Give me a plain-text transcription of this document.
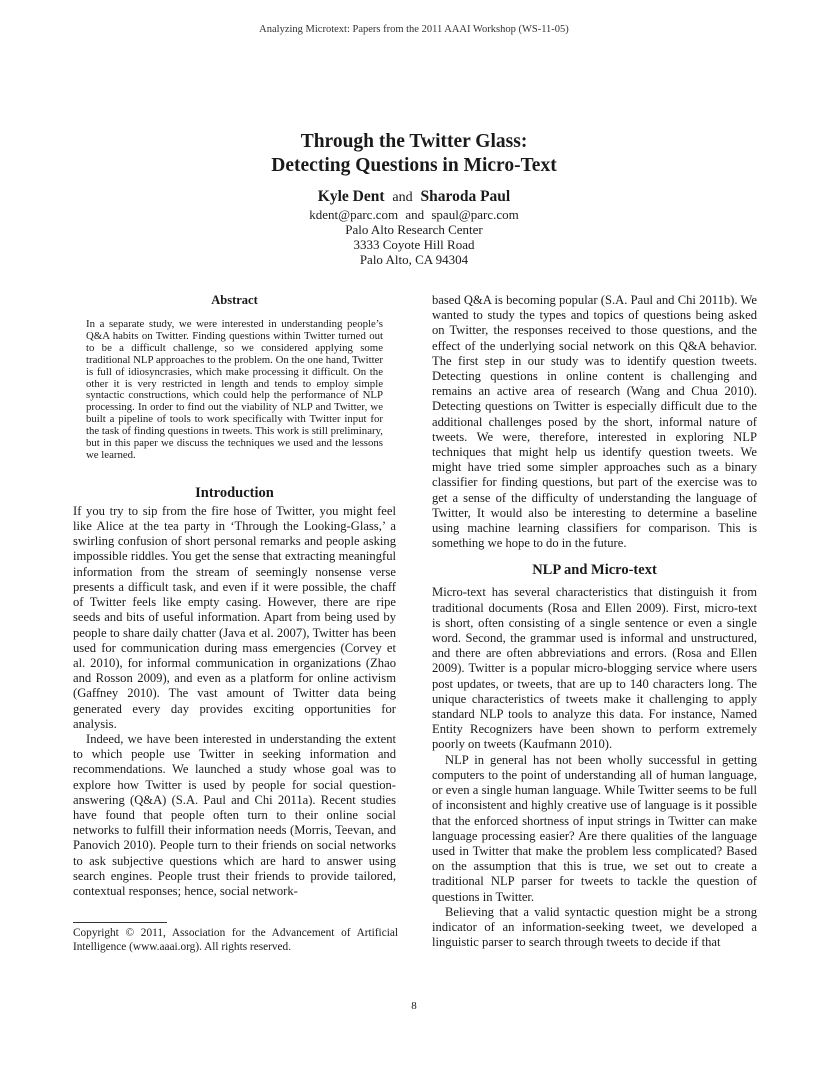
Analyzing Microtext: Papers from the 2011 AAAI Workshop (WS-11-05)
Through the Twitter Glass:
Detecting Questions in Micro-Text
Kyle Dent and Sharoda Paul
kdent@parc.com and spaul@parc.com
Palo Alto Research Center
3333 Coyote Hill Road
Palo Alto, CA 94304
Abstract

In a separate study, we were interested in understanding people’s Q&A habits on Twitter. Finding questions within Twitter turned out to be a difficult challenge, so we considered applying some traditional NLP approaches to the problem. On the one hand, Twitter is full of idiosyncrasies, which make processing it difficult. On the other it is very restricted in length and tends to employ simple syntactic constructions, which could help the performance of NLP processing. In order to find out the viability of NLP and Twitter, we built a pipeline of tools to work specifically with Twitter input for the task of finding questions in tweets. This work is still preliminary, but in this paper we discuss the techniques we used and the lessons we learned.

Introduction

If you try to sip from the fire hose of Twitter, you might feel like Alice at the tea party in ‘Through the Looking-Glass,’ a swirling confusion of short personal remarks and people asking impossible riddles. You get the sense that extracting meaningful information from the stream of seemingly nonsense verse presents a difficult task, and even if it were possible, the chaff of Twitter feels like empty casing. However, there are ripe seeds and bits of useful information. Apart from being used by people to share daily chatter (Java et al. 2007), Twitter has been used for communication during mass emergencies (Corvey et al. 2010), for informal communication in organizations (Zhao and Rosson 2009), and even as a platform for online activism (Gaffney 2010). The vast amount of Twitter data being generated every day provides exciting opportunities for analysis.

Indeed, we have been interested in understanding the extent to which people use Twitter in seeking information and recommendations. We launched a study whose goal was to explore how Twitter is used by people for social question-answering (Q&A) (S.A. Paul and Chi 2011a). Recent studies have found that people often turn to their online social networks to fulfill their information needs (Morris, Teevan, and Panovich 2010). People turn to their friends on social networks to ask subjective questions which are hard to answer using search engines. People trust their friends to provide tailored, contextual responses; hence, social network-

based Q&A is becoming popular (S.A. Paul and Chi 2011b). We wanted to study the types and topics of questions being asked on Twitter, the responses received to those questions, and the effect of the underlying social network on this Q&A behavior. The first step in our study was to identify question tweets. Detecting questions in online content is challenging and remains an active area of research (Wang and Chua 2010). Detecting questions on Twitter is especially difficult due to the additional challenges posed by the short, informal nature of tweets. We were, therefore, interested in exploring NLP techniques that might help us identify question tweets. We might have tried some simpler approaches such as a binary classifier for finding questions, but part of the exercise was to get a sense of the difficulty of understanding the language of Twitter, It would also be interesting to determine a baseline using machine learning classifiers for comparison. This is something we hope to do in the future.

NLP and Micro-text

Micro-text has several characteristics that distinguish it from traditional documents (Rosa and Ellen 2009). First, micro-text is short, often consisting of a single sentence or even a single word. Second, the grammar used is informal and unstructured, and there are often abbreviations and errors. (Rosa and Ellen 2009). Twitter is a popular micro-blogging service where users post updates, or tweets, that are up to 140 characters long. The unique characteristics of tweets make it challenging to apply standard NLP tools to analyze this data. For instance, Named Entity Recognizers have been shown to perform extremely poorly on tweets (Kaufmann 2010).

NLP in general has not been wholly successful in getting computers to the point of understanding all of human language, or even a single human language. While Twitter seems to be full of inconsistent and highly creative use of language is it possible that the enforced shortness of input strings in Twitter can make language processing easier? Are there qualities of the language used in Twitter that make the problem less complicated? Based on the assumption that this is true, we set out to create a traditional NLP parser for tweets to tackle the question of questions in Twitter.

Believing that a valid syntactic question might be a strong indicator of an information-seeking tweet, we developed a linguistic parser to search through tweets to decide if that

Copyright © 2011, Association for the Advancement of Artificial Intelligence (www.aaai.org). All rights reserved.
8
